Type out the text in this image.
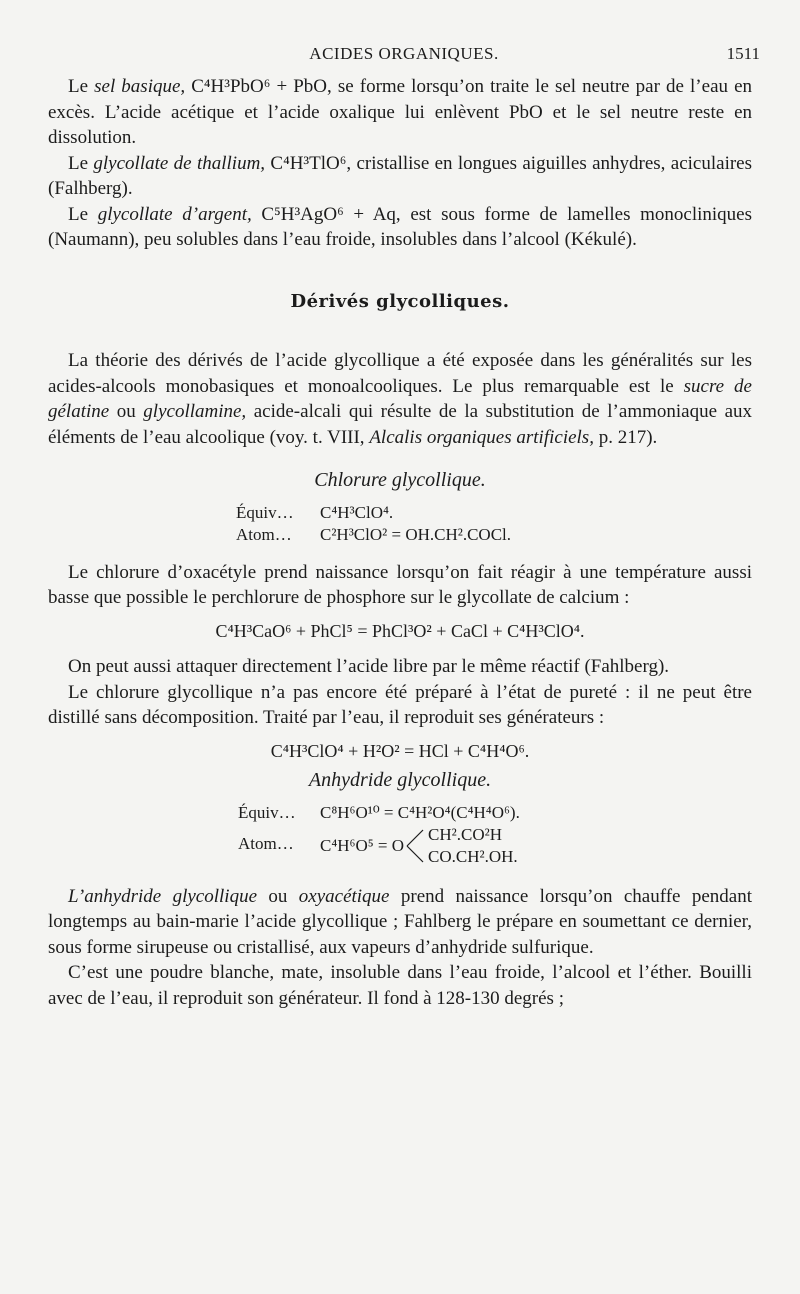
ACIDES ORGANIQUES.	1511

Le sel basique, C⁴H³PbO⁶ + PbO, se forme lorsqu’on traite le sel neutre par de l’eau en excès. L’acide acétique et l’acide oxalique lui enlèvent PbO et le sel neutre reste en dissolution.

Le glycollate de thallium, C⁴H³TlO⁶, cristallise en longues aiguilles anhydres, aciculaires (Falhberg).

Le glycollate d’argent, C⁵H³AgO⁶ + Aq, est sous forme de lamelles monocliniques (Naumann), peu solubles dans l’eau froide, insolubles dans l’alcool (Kékulé).

Dérivés glycolliques.

La théorie des dérivés de l’acide glycollique a été exposée dans les généralités sur les acides-alcools monobasiques et monoalcooliques. Le plus remarquable est le sucre de gélatine ou glycollamine, acide-alcali qui résulte de la substitution de l’ammoniaque aux éléments de l’eau alcoolique (voy. t. VIII, Alcalis organiques artificiels, p. 217).

Chlorure glycollique.
Équiv… C⁴H³ClO⁴.
Atom… C²H³ClO² = OH.CH².COCl.

Le chlorure d’oxacétyle prend naissance lorsqu’on fait réagir à une température aussi basse que possible le perchlorure de phosphore sur le glycollate de calcium :

C⁴H³CaO⁶ + PhCl⁵ = PhCl³O² + CaCl + C⁴H³ClO⁴.

On peut aussi attaquer directement l’acide libre par le même réactif (Fahlberg).

Le chlorure glycollique n’a pas encore été préparé à l’état de pureté : il ne peut être distillé sans décomposition. Traité par l’eau, il reproduit ses générateurs :

C⁴H³ClO⁴ + H²O² = HCl + C⁴H⁴O⁶.
Anhydride glycollique.
Équiv… C⁸H⁶O¹⁰ = C⁴H²O⁴(C⁴H⁴O⁶).
Atom… C⁴H⁶O⁵ = O
CH².CO²H
CO.CH².OH.

L’anhydride glycollique ou oxyacétique prend naissance lorsqu’on chauffe pendant longtemps au bain-marie l’acide glycollique ; Fahlberg le prépare en soumettant ce dernier, sous forme sirupeuse ou cristallisé, aux vapeurs d’anhydride sulfurique.

C’est une poudre blanche, mate, insoluble dans l’eau froide, l’alcool et l’éther. Bouilli avec de l’eau, il reproduit son générateur. Il fond à 128-130 degrés ;
